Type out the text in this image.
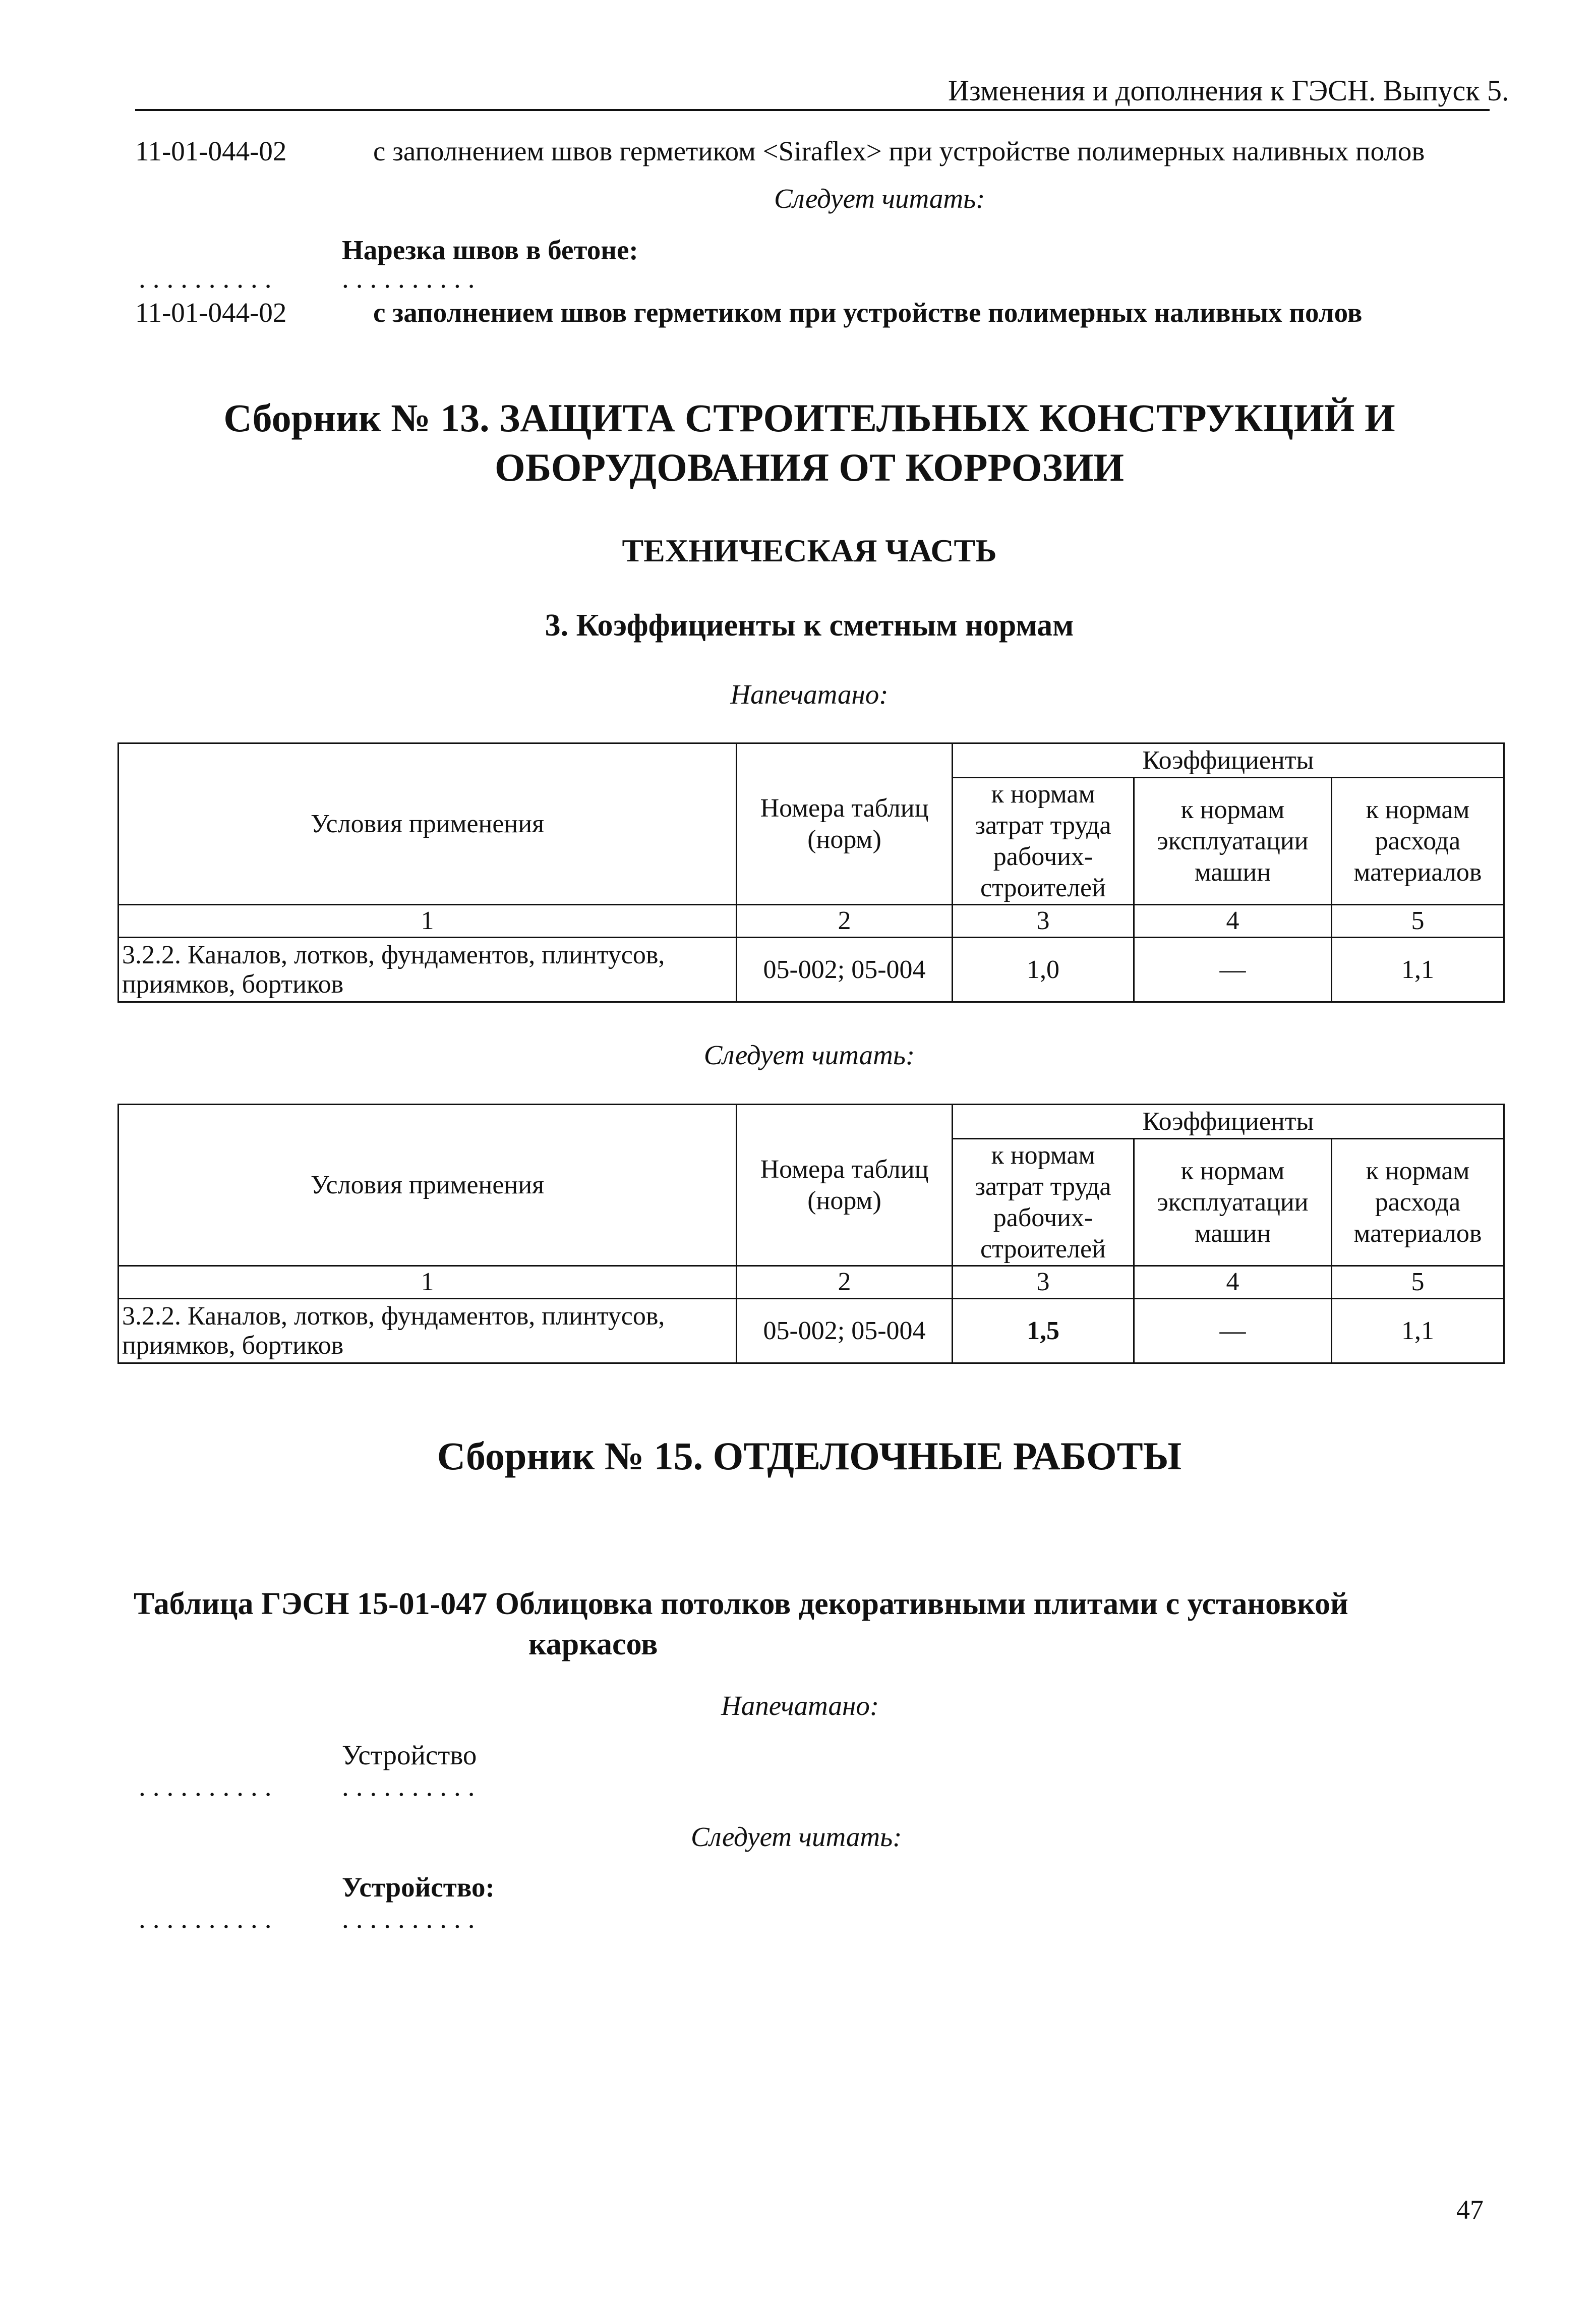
Изменения и дополнения к ГЭСН. Выпуск 5.
11-01-044-02	с заполнением швов герметиком <Siraflex> при устройстве полимерных наливных полов
Следует читать:
Нарезка швов в бетоне:
.......... ..........
11-01-044-02	с заполнением швов герметиком при устройстве полимерных наливных полов
Сборник № 13. ЗАЩИТА СТРОИТЕЛЬНЫХ КОНСТРУКЦИЙ И
ОБОРУДОВАНИЯ ОТ КОРРОЗИИ
ТЕХНИЧЕСКАЯ ЧАСТЬ
3. Коэффициенты к сметным нормам
Напечатано:
Условия применения	Номера таблиц (норм)	Коэффициенты		
		к нормам затрат труда рабочих-строителей	к нормам эксплуатации машин	к нормам расхода материалов
1	2	3	4	5
3.2.2. Каналов, лотков, фундаментов, плинтусов, приямков, бортиков	05-002; 05-004	1,0	—	1,1
Следует читать:
Условия применения	Номера таблиц (норм)	Коэффициенты		
		к нормам затрат труда рабочих-строителей	к нормам эксплуатации машин	к нормам расхода материалов
1	2	3	4	5
3.2.2. Каналов, лотков, фундаментов, плинтусов, приямков, бортиков	05-002; 05-004	1,5	—	1,1
Сборник № 15. ОТДЕЛОЧНЫЕ РАБОТЫ
Таблица ГЭСН 15-01-047 Облицовка потолков декоративными плитами с установкой
каркасов
Напечатано:
Устройство
.......... ..........
Следует читать:
Устройство:
.......... ..........
47
